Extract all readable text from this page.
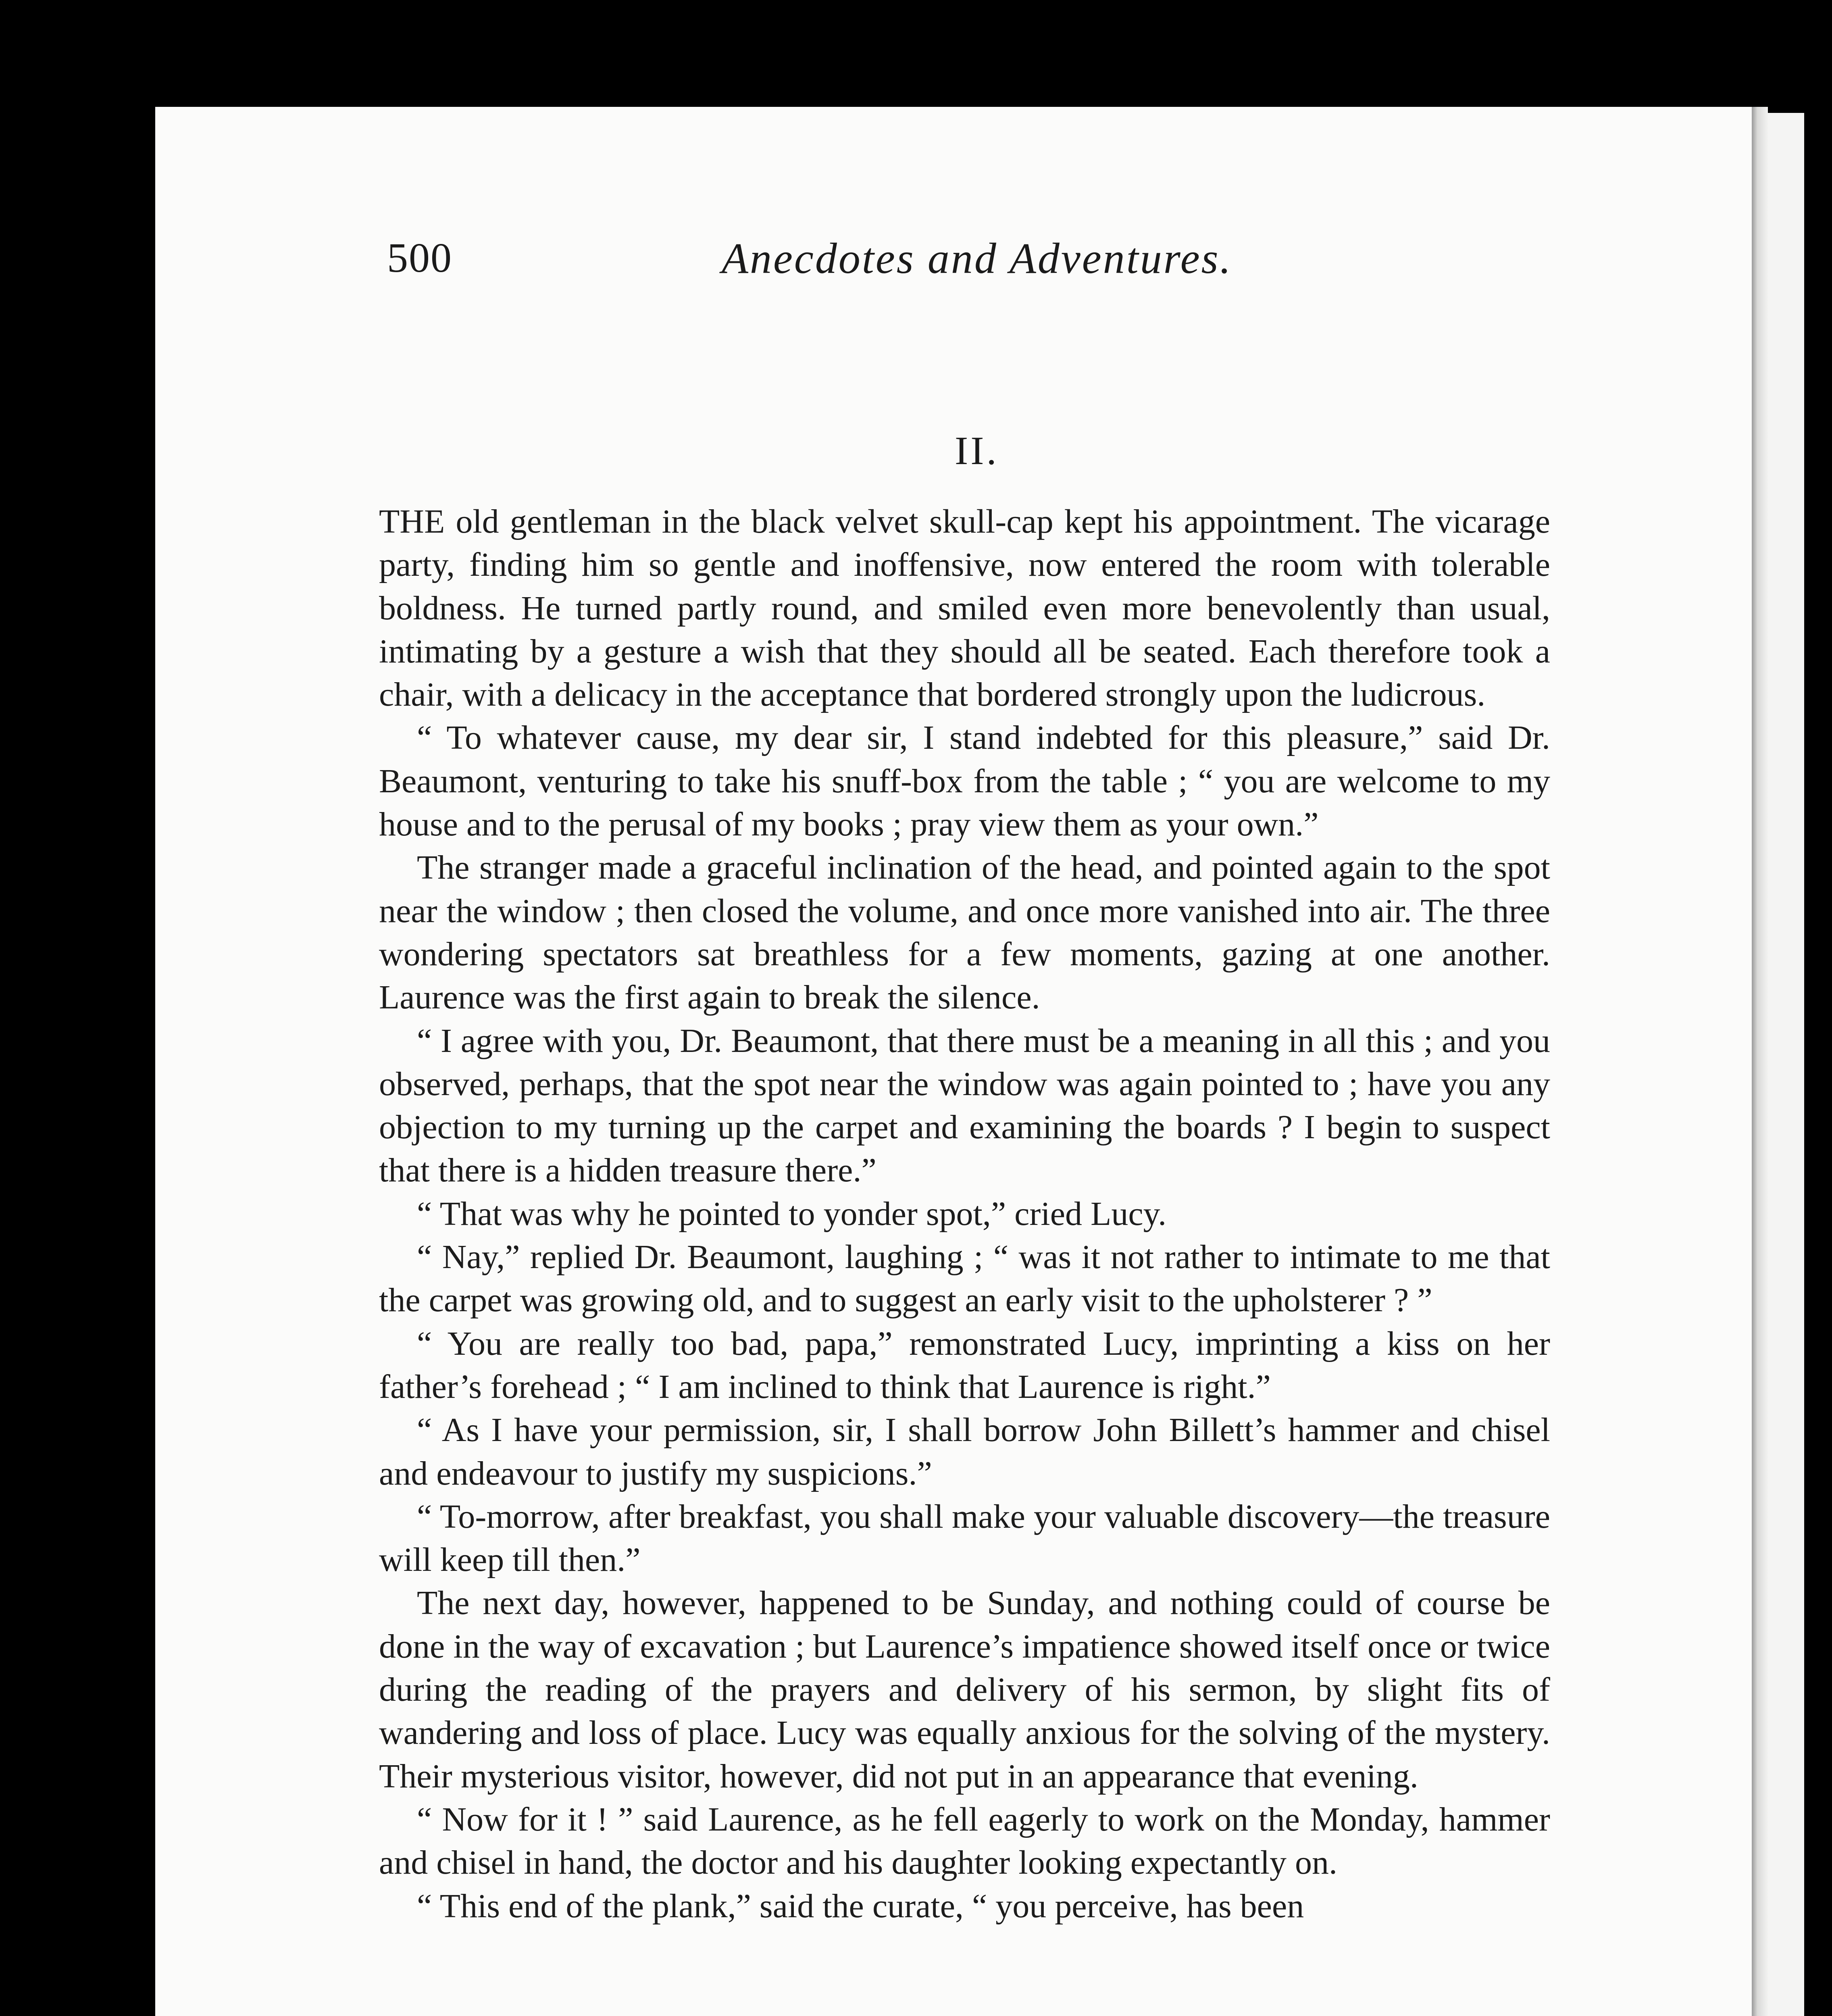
500	Anecdotes and Adventures.
II.

THE old gentleman in the black velvet skull-cap kept his appointment. The vicarage party, finding him so gentle and inoffensive, now entered the room with tolerable boldness. He turned partly round, and smiled even more benevolently than usual, intimating by a gesture a wish that they should all be seated. Each therefore took a chair, with a delicacy in the acceptance that bordered strongly upon the ludicrous.

“ To whatever cause, my dear sir, I stand indebted for this pleasure,” said Dr. Beaumont, venturing to take his snuff-box from the table ; “ you are welcome to my house and to the perusal of my books ; pray view them as your own.”

The stranger made a graceful inclination of the head, and pointed again to the spot near the window ; then closed the volume, and once more vanished into air. The three wondering spectators sat breathless for a few moments, gazing at one another. Laurence was the first again to break the silence.

“ I agree with you, Dr. Beaumont, that there must be a meaning in all this ; and you observed, perhaps, that the spot near the window was again pointed to ; have you any objection to my turning up the carpet and examining the boards ? I begin to suspect that there is a hidden treasure there.”

“ That was why he pointed to yonder spot,” cried Lucy.

“ Nay,” replied Dr. Beaumont, laughing ; “ was it not rather to intimate to me that the carpet was growing old, and to suggest an early visit to the upholsterer ? ”

“ You are really too bad, papa,” remonstrated Lucy, imprinting a kiss on her father’s forehead ; “ I am inclined to think that Laurence is right.”

“ As I have your permission, sir, I shall borrow John Billett’s hammer and chisel and endeavour to justify my suspicions.”

“ To-morrow, after breakfast, you shall make your valuable discovery—the treasure will keep till then.”

The next day, however, happened to be Sunday, and nothing could of course be done in the way of excavation ; but Laurence’s impatience showed itself once or twice during the reading of the prayers and delivery of his sermon, by slight fits of wandering and loss of place. Lucy was equally anxious for the solving of the mystery. Their mysterious visitor, however, did not put in an appearance that evening.

“ Now for it ! ” said Laurence, as he fell eagerly to work on the Monday, hammer and chisel in hand, the doctor and his daughter looking expectantly on.

“ This end of the plank,” said the curate, “ you perceive, has been
